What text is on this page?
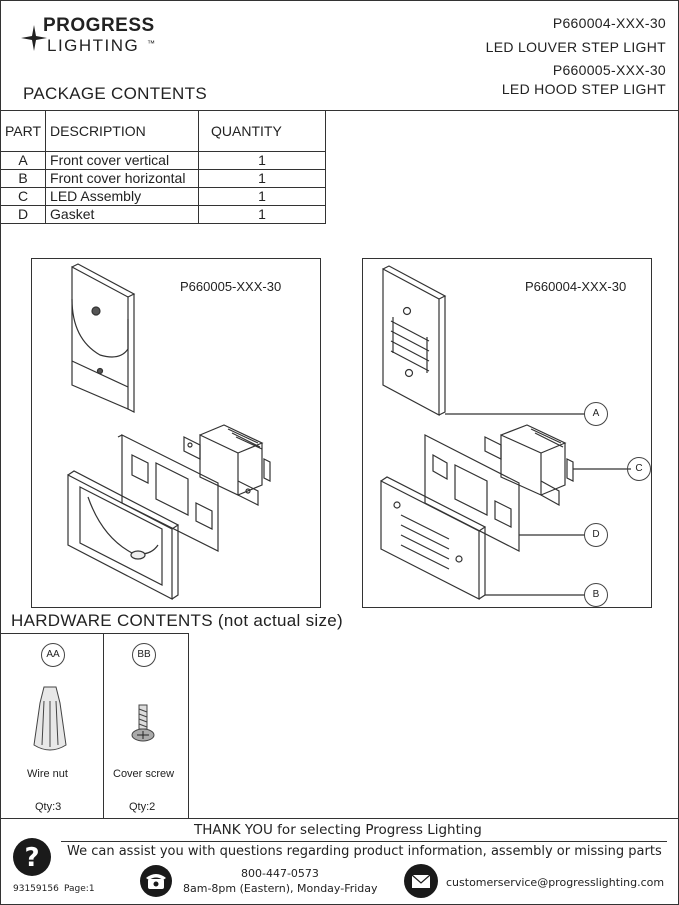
PROGRESS
LIGHTING ™
P660004-XXX-30
LED LOUVER STEP LIGHT
P660005-XXX-30
LED HOOD STEP LIGHT
PACKAGE CONTENTS
PART	DESCRIPTION	QUANTITY
A	Front cover vertical	1
B	Front cover horizontal	1
C	LED Assembly	1
D	Gasket	1
P660005-XXX-30	P660004-XXX-30
A
C
D
B
HARDWARE CONTENTS (not actual size)
AA
Wire nut
Qty:3
BB
Cover screw
Qty:2
THANK YOU for selecting Progress Lighting
We can assist you with questions regarding product information, assembly or missing parts
?
800-447-0573
8am-8pm (Eastern), Monday-Friday	customerservice@progresslighting.com
93159156 Page:1
